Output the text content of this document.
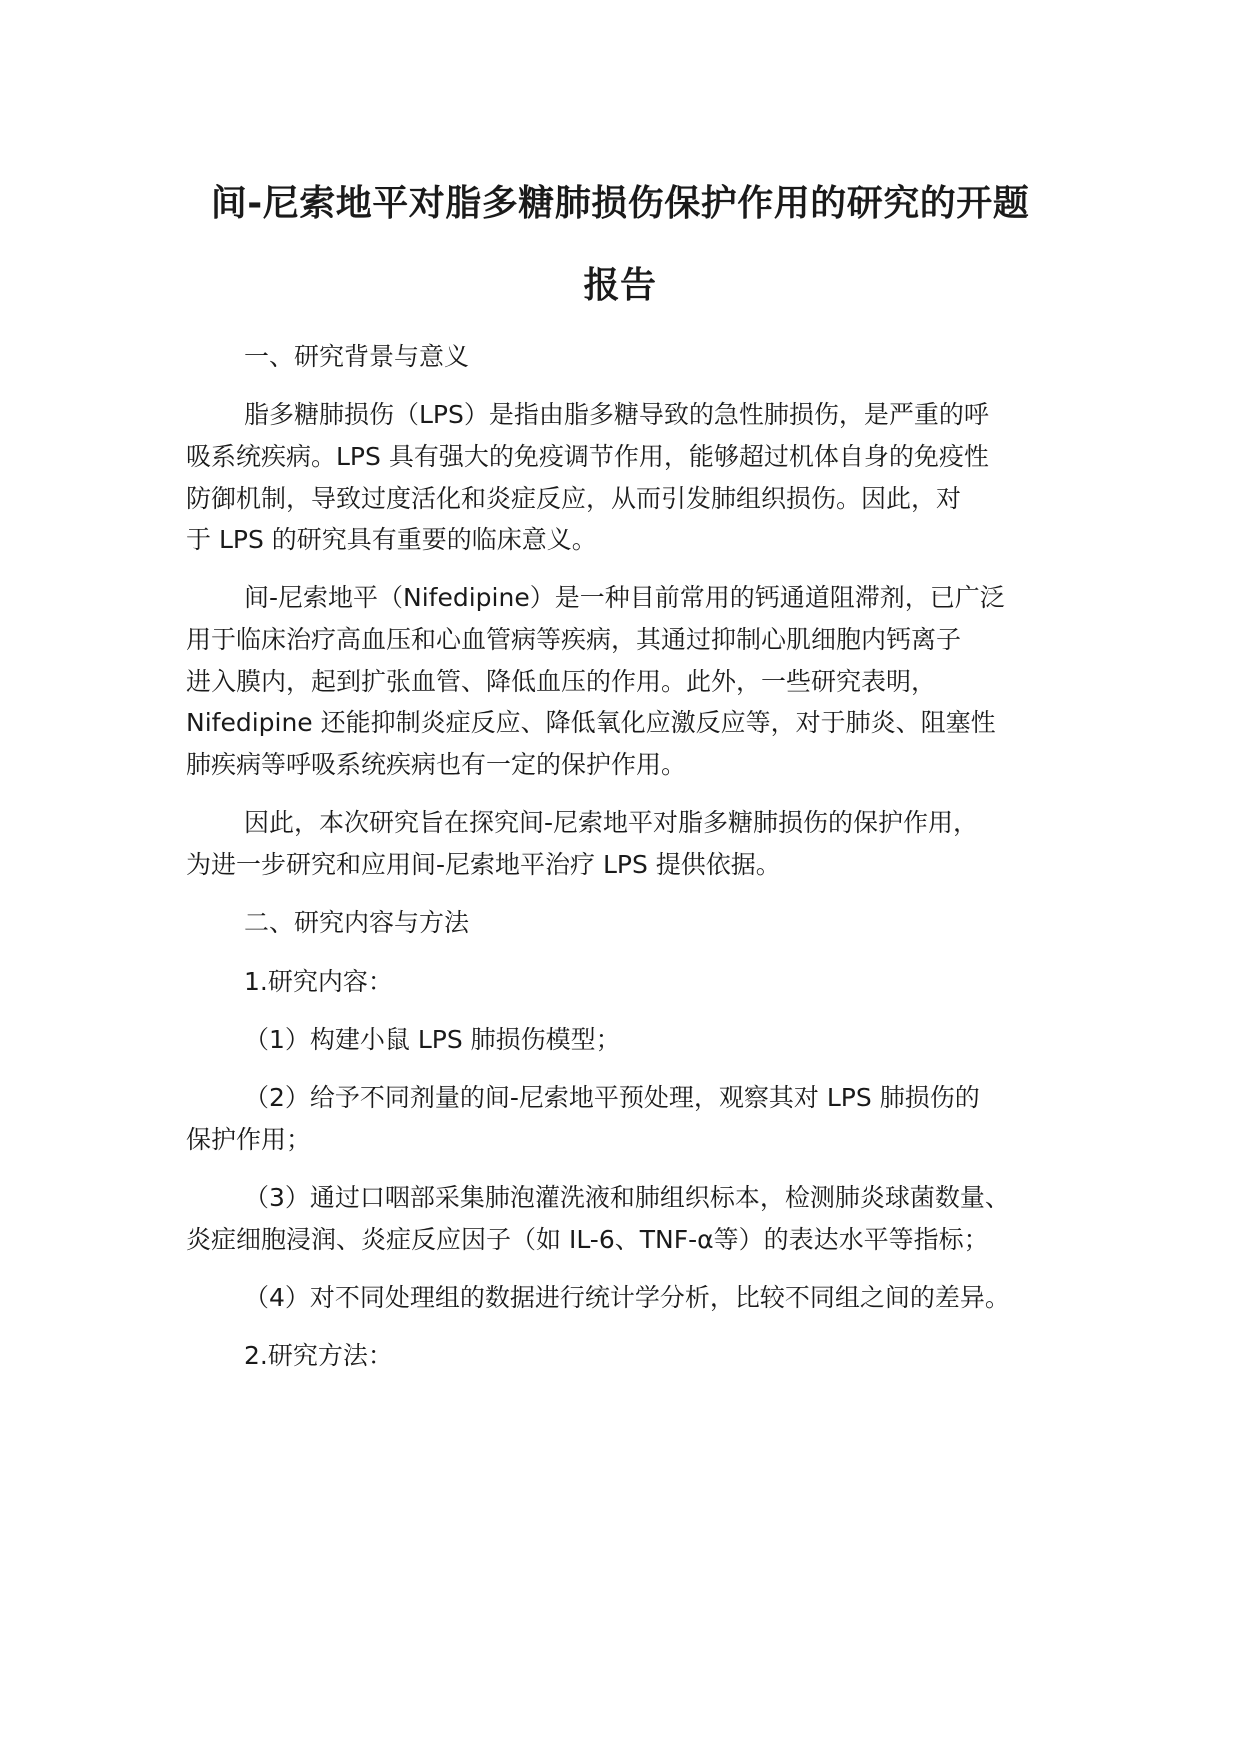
间-尼索地平对脂多糖肺损伤保护作用的研究的开题
报告
一、研究背景与意义
脂多糖肺损伤（LPS）是指由脂多糖导致的急性肺损伤，是严重的呼
吸系统疾病。LPS 具有强大的免疫调节作用，能够超过机体自身的免疫性
防御机制，导致过度活化和炎症反应，从而引发肺组织损伤。因此，对
于 LPS 的研究具有重要的临床意义。
间-尼索地平（Nifedipine）是一种目前常用的钙通道阻滞剂，已广泛
用于临床治疗高血压和心血管病等疾病，其通过抑制心肌细胞内钙离子
进入膜内，起到扩张血管、降低血压的作用。此外，一些研究表明，
Nifedipine 还能抑制炎症反应、降低氧化应激反应等，对于肺炎、阻塞性
肺疾病等呼吸系统疾病也有一定的保护作用。
因此，本次研究旨在探究间-尼索地平对脂多糖肺损伤的保护作用，
为进一步研究和应用间-尼索地平治疗 LPS 提供依据。
二、研究内容与方法
1.研究内容：
（1）构建小鼠 LPS 肺损伤模型；
（2）给予不同剂量的间-尼索地平预处理，观察其对 LPS 肺损伤的
保护作用；
（3）通过口咽部采集肺泡灌洗液和肺组织标本，检测肺炎球菌数量、
炎症细胞浸润、炎症反应因子（如 IL-6、TNF-α等）的表达水平等指标；
（4）对不同处理组的数据进行统计学分析，比较不同组之间的差异。
2.研究方法：
